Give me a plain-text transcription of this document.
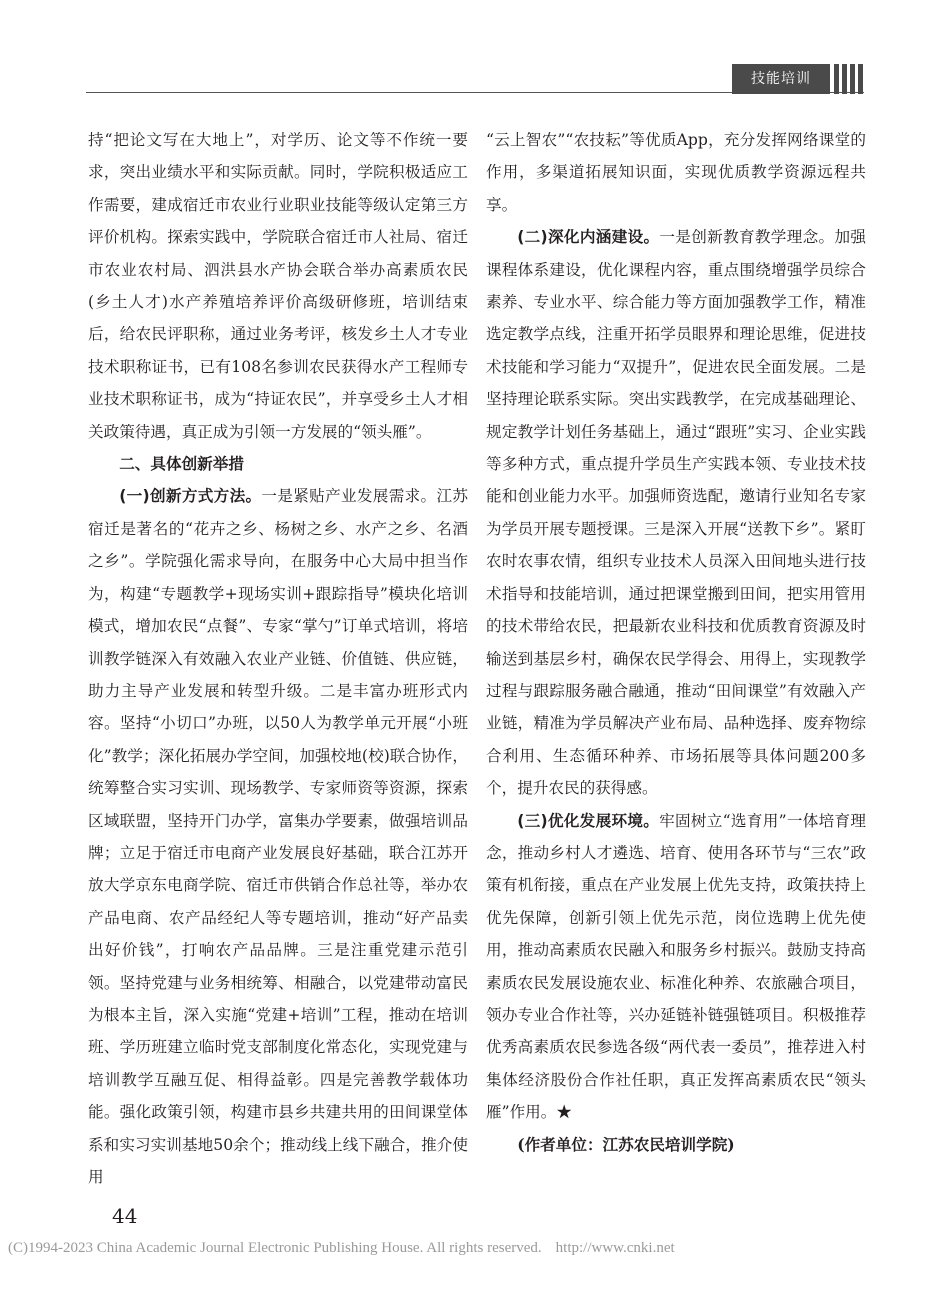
技能培训

持“把论文写在大地上”，对学历、论文等不作统一要求，突出业绩水平和实际贡献。同时，学院积极适应工作需要，建成宿迁市农业行业职业技能等级认定第三方评价机构。探索实践中，学院联合宿迁市人社局、宿迁市农业农村局、泗洪县水产协会联合举办高素质农民(乡土人才)水产养殖培养评价高级研修班，培训结束后，给农民评职称，通过业务考评，核发乡土人才专业技术职称证书，已有108名参训农民获得水产工程师专业技术职称证书，成为“持证农民”，并享受乡土人才相关政策待遇，真正成为引领一方发展的“领头雁”。

二、具体创新举措

(一)创新方式方法。一是紧贴产业发展需求。江苏宿迁是著名的“花卉之乡、杨树之乡、水产之乡、名酒之乡”。学院强化需求导向，在服务中心大局中担当作为，构建“专题教学+现场实训+跟踪指导”模块化培训模式，增加农民“点餐”、专家“掌勺”订单式培训，将培训教学链深入有效融入农业产业链、价值链、供应链，助力主导产业发展和转型升级。二是丰富办班形式内容。坚持“小切口”办班，以50人为教学单元开展“小班化”教学；深化拓展办学空间，加强校地(校)联合协作，统筹整合实习实训、现场教学、专家师资等资源，探索区域联盟，坚持开门办学，富集办学要素，做强培训品牌；立足于宿迁市电商产业发展良好基础，联合江苏开放大学京东电商学院、宿迁市供销合作总社等，举办农产品电商、农产品经纪人等专题培训，推动“好产品卖出好价钱”，打响农产品品牌。三是注重党建示范引领。坚持党建与业务相统筹、相融合，以党建带动富民为根本主旨，深入实施“党建+培训”工程，推动在培训班、学历班建立临时党支部制度化常态化，实现党建与培训教学互融互促、相得益彰。四是完善教学载体功能。强化政策引领，构建市县乡共建共用的田间课堂体系和实习实训基地50余个；推动线上线下融合，推介使用

“云上智农”“农技耘”等优质App，充分发挥网络课堂的作用，多渠道拓展知识面，实现优质教学资源远程共享。

(二)深化内涵建设。一是创新教育教学理念。加强课程体系建设，优化课程内容，重点围绕增强学员综合素养、专业水平、综合能力等方面加强教学工作，精准选定教学点线，注重开拓学员眼界和理论思维，促进技术技能和学习能力“双提升”，促进农民全面发展。二是坚持理论联系实际。突出实践教学，在完成基础理论、规定教学计划任务基础上，通过“跟班”实习、企业实践等多种方式，重点提升学员生产实践本领、专业技术技能和创业能力水平。加强师资选配，邀请行业知名专家为学员开展专题授课。三是深入开展“送教下乡”。紧盯农时农事农情，组织专业技术人员深入田间地头进行技术指导和技能培训，通过把课堂搬到田间，把实用管用的技术带给农民，把最新农业科技和优质教育资源及时输送到基层乡村，确保农民学得会、用得上，实现教学过程与跟踪服务融合融通，推动“田间课堂”有效融入产业链，精准为学员解决产业布局、品种选择、废弃物综合利用、生态循环种养、市场拓展等具体问题200多个，提升农民的获得感。

(三)优化发展环境。牢固树立“选育用”一体培育理念，推动乡村人才遴选、培育、使用各环节与“三农”政策有机衔接，重点在产业发展上优先支持，政策扶持上优先保障，创新引领上优先示范，岗位选聘上优先使用，推动高素质农民融入和服务乡村振兴。鼓励支持高素质农民发展设施农业、标准化种养、农旅融合项目，领办专业合作社等，兴办延链补链强链项目。积极推荐优秀高素质农民参选各级“两代表一委员”，推荐进入村集体经济股份合作社任职，真正发挥高素质农民“领头雁”作用。★

(作者单位：江苏农民培训学院)

44
(C)1994-2023 China Academic Journal Electronic Publishing House. All rights reserved. http://www.cnki.net
